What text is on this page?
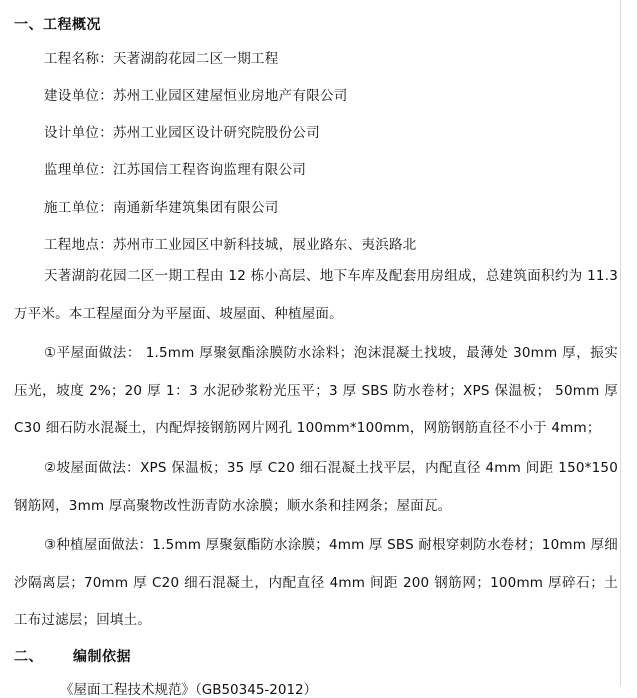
一、工程概况
工程名称：天著湖韵花园二区一期工程
建设单位：苏州工业园区建屋恒业房地产有限公司
设计单位：苏州工业园区设计研究院股份公司
监理单位：江苏国信工程咨询监理有限公司
施工单位：南通新华建筑集团有限公司
工程地点：苏州市工业园区中新科技城，展业路东、夷浜路北

天著湖韵花园二区一期工程由 12 栋小高层、地下车库及配套用房组成，总建筑面积约为 11.3 万平米。本工程屋面分为平屋面、坡屋面、种植屋面。

①平屋面做法： 1.5mm 厚聚氨酯涂膜防水涂料；泡沫混凝土找坡，最薄处 30mm 厚，振实压光，坡度 2%；20 厚 1：3 水泥砂浆粉光压平；3 厚 SBS 防水卷材；XPS 保温板； 50mm 厚 C30 细石防水混凝土，内配焊接钢筋网片网孔 100mm*100mm，网筋钢筋直径不小于 4mm；

②坡屋面做法：XPS 保温板；35 厚 C20 细石混凝土找平层，内配直径 4mm 间距 150*150 钢筋网，3mm 厚高聚物改性沥青防水涂膜；顺水条和挂网条；屋面瓦。

③种植屋面做法：1.5mm 厚聚氨酯防水涂膜；4mm 厚 SBS 耐根穿刺防水卷材；10mm 厚细沙隔离层；70mm 厚 C20 细石混凝土，内配直径 4mm 间距 200 钢筋网；100mm 厚碎石；土工布过滤层；回填土。

二、 编制依据
《屋面工程技术规范》（GB50345-2012）
